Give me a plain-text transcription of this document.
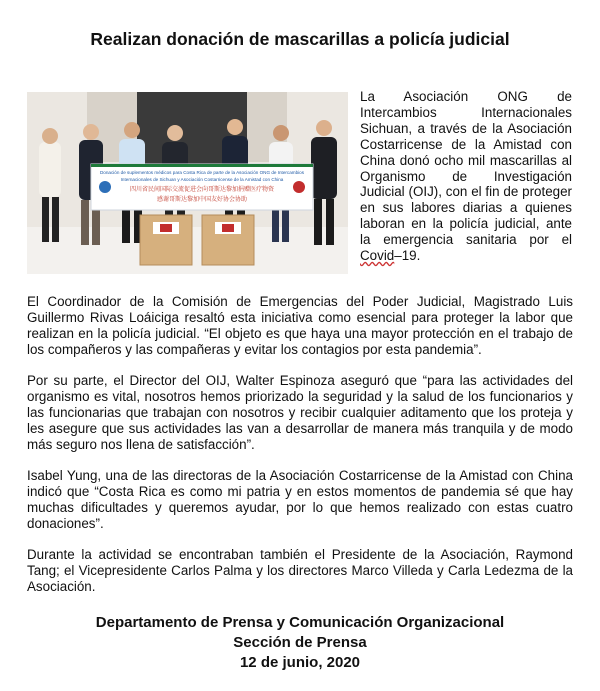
Realizan donación de mascarillas a policía judicial
Donación de suplementos médicos para Costa Rica de parte de la Asociación ONG de Intercambios
Internacionales de Sichuan y Asociación Costarricense de la Amistad con China
四川省民间国际交流促进会向哥斯达黎加捐赠医疗物资
感谢哥斯达黎加中国友好协会协助
La Asociación ONG de Intercambios Internacionales Sichuan, a través de la Asociación Costarricense de la Amistad con China donó ocho mil mascarillas al Organismo de Investigación Judicial (OIJ), con el fin de proteger en sus labores diarias a quienes laboran en la policía judicial, ante la emergencia sanitaria por el Covid–19.
El Coordinador de la Comisión de Emergencias del Poder Judicial, Magistrado Luis Guillermo Rivas Loáiciga resaltó esta iniciativa como esencial para proteger la labor que realizan en la policía judicial. “El objeto es que haya una mayor protección en el trabajo de los compañeros y las compañeras y evitar los contagios por esta pandemia”.
Por su parte, el Director del OIJ, Walter Espinoza aseguró que “para las actividades del organismo es vital, nosotros hemos priorizado la seguridad y la salud de los funcionarios y las funcionarias que trabajan con nosotros y recibir cualquier aditamento que los proteja y les asegure que sus actividades las van a desarrollar de manera más tranquila y de modo más seguro nos llena de satisfacción”.
Isabel Yung, una de las directoras de la Asociación Costarricense de la Amistad con China indicó que “Costa Rica es como mi patria y en estos momentos de pandemia sé que hay muchas dificultades y queremos ayudar, por lo que hemos realizado con estas cuatro donaciones”.
Durante la actividad se encontraban también el Presidente de la Asociación, Raymond Tang; el Vicepresidente Carlos Palma y los directores Marco Villeda y Carla Ledezma de la Asociación.
Departamento de Prensa y Comunicación Organizacional
Sección de Prensa
12 de junio, 2020
